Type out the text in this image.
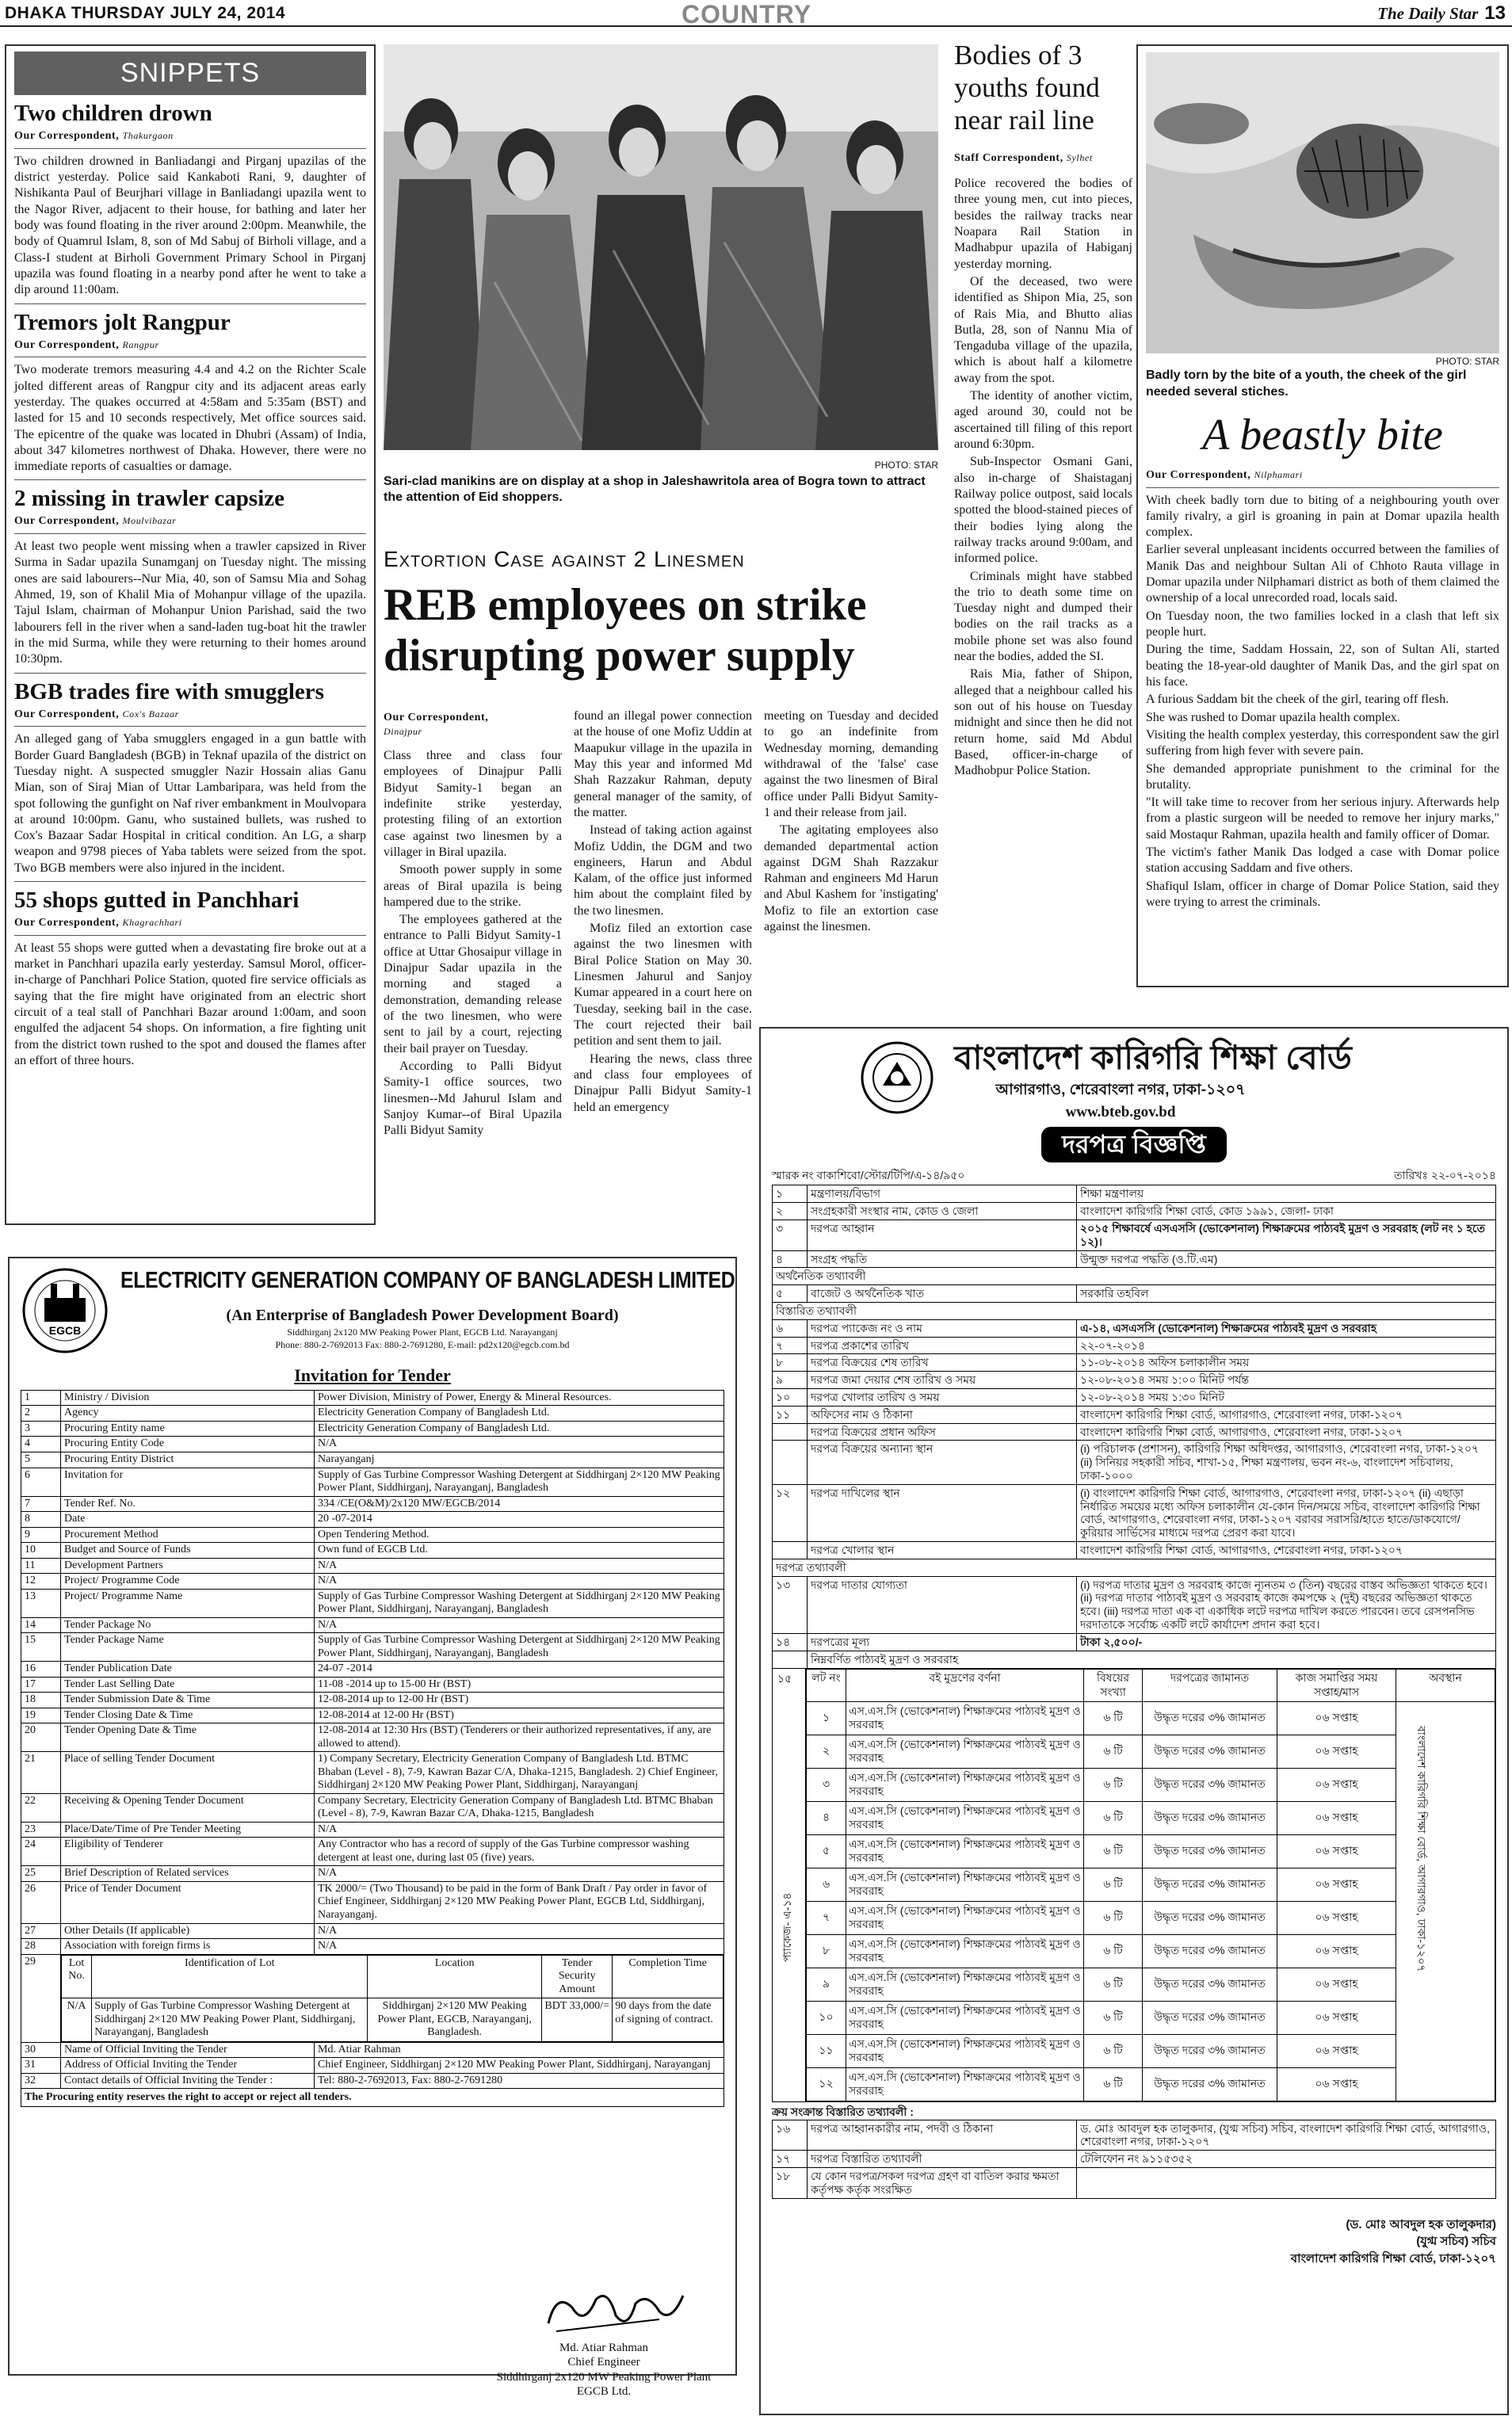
DHAKA THURSDAY JULY 24, 2014	COUNTRY	The Daily Star 13
SNIPPETS
Two children drown
Our Correspondent, Thakurgaon

Two children drowned in Banliadangi and Pirganj upazilas of the district yesterday. Police said Kankaboti Rani, 9, daughter of Nishikanta Paul of Beurjhari village in Banliadangi upazila went to the Nagor River, adjacent to their house, for bathing and later her body was found floating in the river around 2:00pm. Meanwhile, the body of Quamrul Islam, 8, son of Md Sabuj of Birholi village, and a Class-I student at Birholi Government Primary School in Pirganj upazila was found floating in a nearby pond after he went to take a dip around 11:00am.

Tremors jolt Rangpur
Our Correspondent, Rangpur

Two moderate tremors measuring 4.4 and 4.2 on the Richter Scale jolted different areas of Rangpur city and its adjacent areas early yesterday. The quakes occurred at 4:58am and 5:35am (BST) and lasted for 15 and 10 seconds respectively, Met office sources said. The epicentre of the quake was located in Dhubri (Assam) of India, about 347 kilometres northwest of Dhaka. However, there were no immediate reports of casualties or damage.

2 missing in trawler capsize
Our Correspondent, Moulvibazar

At least two people went missing when a trawler capsized in River Surma in Sadar upazila Sunamganj on Tuesday night. The missing ones are said labourers--Nur Mia, 40, son of Samsu Mia and Sohag Ahmed, 19, son of Khalil Mia of Mohanpur village of the upazila. Tajul Islam, chairman of Mohanpur Union Parishad, said the two labourers fell in the river when a sand-laden tug-boat hit the trawler in the mid Surma, while they were returning to their homes around 10:30pm.

BGB trades fire with smugglers
Our Correspondent, Cox's Bazaar

An alleged gang of Yaba smugglers engaged in a gun battle with Border Guard Bangladesh (BGB) in Teknaf upazila of the district on Tuesday night. A suspected smuggler Nazir Hossain alias Ganu Mian, son of Siraj Mian of Uttar Lambaripara, was held from the spot following the gunfight on Naf river embankment in Moulvopara at around 10:00pm. Ganu, who sustained bullets, was rushed to Cox's Bazaar Sadar Hospital in critical condition. An LG, a sharp weapon and 9798 pieces of Yaba tablets were seized from the spot. Two BGB members were also injured in the incident.

55 shops gutted in Panchhari
Our Correspondent, Khagrachhari

At least 55 shops were gutted when a devastating fire broke out at a market in Panchhari upazila early yesterday. Samsul Morol, officer-in-charge of Panchhari Police Station, quoted fire service officials as saying that the fire might have originated from an electric short circuit of a teal stall of Panchhari Bazar around 1:00am, and soon engulfed the adjacent 54 shops. On information, a fire fighting unit from the district town rushed to the spot and doused the flames after an effort of three hours.

PHOTO: STAR
Sari-clad manikins are on display at a shop in Jaleshawritola area of Bogra town to attract the attention of Eid shoppers.
Extortion Case against 2 Linesmen
REB employees on strike disrupting power supply
Our Correspondent,
Dinajpur

Class three and class four employees of Dinajpur Palli Bidyut Samity-1 began an indefinite strike yesterday, protesting filing of an extortion case against two linesmen by a villager in Biral upazila.

Smooth power supply in some areas of Biral upazila is being hampered due to the strike.

The employees gathered at the entrance to Palli Bidyut Samity-1 office at Uttar Ghosaipur village in Dinajpur Sadar upazila in the morning and staged a demonstration, demanding release of the two linesmen, who were sent to jail by a court, rejecting their bail prayer on Tuesday.

According to Palli Bidyut Samity-1 office sources, two linesmen--Md Jahurul Islam and Sanjoy Kumar--of Biral Upazila Palli Bidyut Samity

found an illegal power connection at the house of one Mofiz Uddin at Maapukur village in the upazila in May this year and informed Md Shah Razzakur Rahman, deputy general manager of the samity, of the matter.

Instead of taking action against Mofiz Uddin, the DGM and two engineers, Harun and Abdul Kalam, of the office just informed him about the complaint filed by the two linesmen.

Mofiz filed an extortion case against the two linesmen with Biral Police Station on May 30. Linesmen Jahurul and Sanjoy Kumar appeared in a court here on Tuesday, seeking bail in the case. The court rejected their bail petition and sent them to jail.

Hearing the news, class three and class four employees of Dinajpur Palli Bidyut Samity-1 held an emergency

meeting on Tuesday and decided to go an indefinite from Wednesday morning, demanding withdrawal of the 'false' case against the two linesmen of Biral office under Palli Bidyut Samity-1 and their release from jail.

The agitating employees also demanded departmental action against DGM Shah Razzakur Rahman and engineers Md Harun and Abul Kashem for 'instigating' Mofiz to file an extortion case against the linesmen.

Bodies of 3 youths found near rail line
Staff Correspondent, Sylhet

Police recovered the bodies of three young men, cut into pieces, besides the railway tracks near Noapara Rail Station in Madhabpur upazila of Habiganj yesterday morning.

Of the deceased, two were identified as Shipon Mia, 25, son of Rais Mia, and Bhutto alias Butla, 28, son of Nannu Mia of Tengaduba village of the upazila, which is about half a kilometre away from the spot.

The identity of another victim, aged around 30, could not be ascertained till filing of this report around 6:30pm.

Sub-Inspector Osmani Gani, also in-charge of Shaistaganj Railway police outpost, said locals spotted the blood-stained pieces of their bodies lying along the railway tracks around 9:00am, and informed police.

Criminals might have stabbed the trio to death some time on Tuesday night and dumped their bodies on the rail tracks as a mobile phone set was also found near the bodies, added the SI.

Rais Mia, father of Shipon, alleged that a neighbour called his son out of his house on Tuesday midnight and since then he did not return home, said Md Abdul Based, officer-in-charge of Madhobpur Police Station.

PHOTO: STAR
Badly torn by the bite of a youth, the cheek of the girl needed several stiches.
A beastly bite
Our Correspondent, Nilphamari

With cheek badly torn due to biting of a neighbouring youth over family rivalry, a girl is groaning in pain at Domar upazila health complex.

Earlier several unpleasant incidents occurred between the families of Manik Das and neighbour Sultan Ali of Chhoto Rauta village in Domar upazila under Nilphamari district as both of them claimed the ownership of a local unrecorded road, locals said.

On Tuesday noon, the two families locked in a clash that left six people hurt.

During the time, Saddam Hossain, 22, son of Sultan Ali, started beating the 18-year-old daughter of Manik Das, and the girl spat on his face.

A furious Saddam bit the cheek of the girl, tearing off flesh.

She was rushed to Domar upazila health complex.

Visiting the health complex yesterday, this correspondent saw the girl suffering from high fever with severe pain.

She demanded appropriate punishment to the criminal for the brutality.

"It will take time to recover from her serious injury. Afterwards help from a plastic surgeon will be needed to remove her injury marks," said Mostaqur Rahman, upazila health and family officer of Domar.

The victim's father Manik Das lodged a case with Domar police station accusing Saddam and five others.

Shafiqul Islam, officer in charge of Domar Police Station, said they were trying to arrest the criminals.

EGCB
ELECTRICITY GENERATION COMPANY OF BANGLADESH LIMITED
(An Enterprise of Bangladesh Power Development Board)
Siddhirganj 2x120 MW Peaking Power Plant, EGCB Ltd. Narayanganj
Phone: 880-2-7692013 Fax: 880-2-7691280, E-mail: pd2x120@egcb.com.bd
Invitation for Tender
1	Ministry / Division	Power Division, Ministry of Power, Energy & Mineral Resources.
2	Agency	Electricity Generation Company of Bangladesh Ltd.
3	Procuring Entity name	Electricity Generation Company of Bangladesh Ltd.
4	Procuring Entity Code	N/A
5	Procuring Entity District	Narayanganj
6	Invitation for	Supply of Gas Turbine Compressor Washing Detergent at Siddhirganj 2×120 MW Peaking Power Plant, Siddhirganj, Narayanganj, Bangladesh
7	Tender Ref. No.	334 /CE(O&M)/2x120 MW/EGCB/2014
8	Date	20 -07-2014
9	Procurement Method	Open Tendering Method.
10	Budget and Source of Funds	Own fund of EGCB Ltd.
11	Development Partners	N/A
12	Project/ Programme Code	N/A
13	Project/ Programme Name	Supply of Gas Turbine Compressor Washing Detergent at Siddhirganj 2×120 MW Peaking Power Plant, Siddhirganj, Narayanganj, Bangladesh
14	Tender Package No	N/A
15	Tender Package Name	Supply of Gas Turbine Compressor Washing Detergent at Siddhirganj 2×120 MW Peaking Power Plant, Siddhirganj, Narayanganj, Bangladesh
16	Tender Publication Date	24-07 -2014
17	Tender Last Selling Date	11-08 -2014 up to 15-00 Hr (BST)
18	Tender Submission Date & Time	12-08-2014 up to 12-00 Hr (BST)
19	Tender Closing Date & Time	12-08-2014 at 12-00 Hr (BST)
20	Tender Opening Date & Time	12-08-2014 at 12:30 Hrs (BST) (Tenderers or their authorized representatives, if any, are allowed to attend).
21	Place of selling Tender Document	1) Company Secretary, Electricity Generation Company of Bangladesh Ltd. BTMC Bhaban (Level - 8), 7-9, Kawran Bazar C/A, Dhaka-1215, Bangladesh. 2) Chief Engineer, Siddhirganj 2×120 MW Peaking Power Plant, Siddhirganj, Narayanganj
22	Receiving & Opening Tender Document	Company Secretary, Electricity Generation Company of Bangladesh Ltd. BTMC Bhaban (Level - 8), 7-9, Kawran Bazar C/A, Dhaka-1215, Bangladesh
23	Place/Date/Time of Pre Tender Meeting	N/A
24	Eligibility of Tenderer	Any Contractor who has a record of supply of the Gas Turbine compressor washing detergent at least one, during last 05 (five) years.
25	Brief Description of Related services	N/A
26	Price of Tender Document	TK 2000/= (Two Thousand) to be paid in the form of Bank Draft / Pay order in favor of Chief Engineer, Siddhirganj 2×120 MW Peaking Power Plant, EGCB Ltd, Siddhirganj, Narayanganj.
27	Other Details (If applicable)	N/A
28	Association with foreign firms is	N/A
29		Lot No.	Identification of Lot	Location	Tender Security Amount	Completion Time
N/A	Supply of Gas Turbine Compressor Washing Detergent at Siddhirganj 2×120 MW Peaking Power Plant, Siddhirganj, Narayanganj, Bangladesh	Siddhirganj 2×120 MW Peaking Power Plant, EGCB, Narayanganj, Bangladesh.	BDT 33,000/=	90 days from the date of signing of contract.

30	Name of Official Inviting the Tender	Md. Atiar Rahman
31	Address of Official Inviting the Tender	Chief Engineer, Siddhirganj 2×120 MW Peaking Power Plant, Siddhirganj, Narayanganj
32	Contact details of Official Inviting the Tender :	Tel: 880-2-7692013, Fax: 880-2-7691280
The Procuring entity reserves the right to accept or reject all tenders.
Md. Atiar Rahman
Chief Engineer
Siddhirganj 2x120 MW Peaking Power Plant
EGCB Ltd.
বাংলাদেশ কারিগরি শিক্ষা বোর্ড
আগারগাও, শেরেবাংলা নগর, ঢাকা-১২০৭
www.bteb.gov.bd
দরপত্র বিজ্ঞপ্তি
স্মারক নং বাকাশিবো/স্টোর/টিপি/এ-১৪/৯৫০	তারিখঃ ২২-০৭-২০১৪
১	মন্ত্রণালয়/বিভাগ	শিক্ষা মন্ত্রণালয়
২	সংগ্রহকারী সংস্থার নাম, কোড ও জেলা	বাংলাদেশ কারিগরি শিক্ষা বোর্ড, কোড ১৯৯১, জেলা- ঢাকা
৩	দরপত্র আহ্বান	২০১৫ শিক্ষাবর্ষে এসএসসি (ভোকেশনাল) শিক্ষাক্রমের পাঠ্যবই মুদ্রণ ও সরবরাহ (লট নং ১ হতে ১২)।
৪	সংগ্রহ পদ্ধতি	উন্মুক্ত দরপত্র পদ্ধতি (ও.টি.এম)
অর্থনৈতিক তথ্যাবলী		
৫	বাজেট ও অর্থনৈতিক খাত	সরকারি তহবিল
বিস্তারিত তথ্যাবলী		
৬	দরপত্র প্যাকেজ নং ও নাম	এ-১৪, এসএসসি (ভোকেশনাল) শিক্ষাক্রমের পাঠ্যবই মুদ্রণ ও সরবরাহ
৭	দরপত্র প্রকাশের তারিখ	২২-০৭-২০১৪
৮	দরপত্র বিক্রয়ের শেষ তারিখ	১১-০৮-২০১৪ অফিস চলাকালীন সময়
৯	দরপত্র জমা দেয়ার শেষ তারিখ ও সময়	১২-০৮-২০১৪ সময় ১:০০ মিনিট পর্যন্ত
১০	দরপত্র খোলার তারিখ ও সময়	১২-০৮-২০১৪ সময় ১:৩০ মিনিট
১১	অফিসের নাম ও ঠিকানা	বাংলাদেশ কারিগরি শিক্ষা বোর্ড, আগারগাও, শেরেবাংলা নগর, ঢাকা-১২০৭
	দরপত্র বিক্রয়ের প্রধান অফিস	বাংলাদেশ কারিগরি শিক্ষা বোর্ড, আগারগাও, শেরেবাংলা নগর, ঢাকা-১২০৭
	দরপত্র বিক্রয়ের অন্যান্য স্থান	(i) পরিচালক (প্রশাসন), কারিগরি শিক্ষা অধিদপ্তর, আগারগাও, শেরেবাংলা নগর, ঢাকা-১২০৭ (ii) সিনিয়র সহকারী সচিব, শাখা-১৫, শিক্ষা মন্ত্রণালয়, ভবন নং-৬, বাংলাদেশ সচিবালয়, ঢাকা-১০০০
১২	দরপত্র দাখিলের স্থান	(i) বাংলাদেশ কারিগরি শিক্ষা বোর্ড, আগারগাও, শেরেবাংলা নগর, ঢাকা-১২০৭ (ii) এছাড়া নির্ধারিত সময়ের মধ্যে অফিস চলাকালীন যে-কোন দিন/সময়ে সচিব, বাংলাদেশ কারিগরি শিক্ষা বোর্ড, আগারগাও, শেরেবাংলা নগর, ঢাকা-১২০৭ বরাবর সরাসরি/হাতে হাতে/ডাকযোগে/কুরিয়ার সার্ভিসের মাধ্যমে দরপত্র প্রেরণ করা যাবে।
	দরপত্র খোলার স্থান	বাংলাদেশ কারিগরি শিক্ষা বোর্ড, আগারগাও, শেরেবাংলা নগর, ঢাকা-১২০৭
দরপত্র তথ্যাবলী		
১৩	দরপত্র দাতার যোগ্যতা	(i) দরপত্র দাতার মুদ্রণ ও সরবরাহ কাজে ন্যূনতম ৩ (তিন) বছরের বাস্তব অভিজ্ঞতা থাকতে হবে। (ii) দরপত্র দাতার পাঠ্যবই মুদ্রণ ও সরবরাহ কাজে কমপক্ষে ২ (দুই) বছরের অভিজ্ঞতা থাকতে হবে। (iii) দরপত্র দাতা এক বা একাধিক লটে দরপত্র দাখিল করতে পারবেন। তবে রেসপনসিভ দরদাতাকে সর্বোচ্চ একটি লটে কার্যাদেশ প্রদান করা হবে।
১৪	দরপত্রের মূল্য	টাকা ২,৫০০/-
নিম্নবর্ণিত পাঠ্যবই মুদ্রণ ও সরবরাহ
১৫
প্যাকেজ- এ-১৪
লট নং	বই মুদ্রণের বর্ণনা	বিষয়ের সংখ্যা	দরপত্রের জামানত	কাজ সমাপ্তির সময় সপ্তাহ/মাস	অবস্থান
১	এস.এস.সি (ভোকেশনাল) শিক্ষাক্রমের পাঠ্যবই মুদ্রণ ও সরবরাহ	৬ টি	উদ্ধৃত দরের ৩% জামানত	০৬ সপ্তাহ	বাংলাদেশ কারিগরি শিক্ষা বোর্ড, আগারগাও, ঢাকা-১২০৭

২	এস.এস.সি (ভোকেশনাল) শিক্ষাক্রমের পাঠ্যবই মুদ্রণ ও সরবরাহ	৬ টি	উদ্ধৃত দরের ৩% জামানত	০৬ সপ্তাহ	
৩	এস.এস.সি (ভোকেশনাল) শিক্ষাক্রমের পাঠ্যবই মুদ্রণ ও সরবরাহ	৬ টি	উদ্ধৃত দরের ৩% জামানত	০৬ সপ্তাহ	
৪	এস.এস.সি (ভোকেশনাল) শিক্ষাক্রমের পাঠ্যবই মুদ্রণ ও সরবরাহ	৬ টি	উদ্ধৃত দরের ৩% জামানত	০৬ সপ্তাহ	
৫	এস.এস.সি (ভোকেশনাল) শিক্ষাক্রমের পাঠ্যবই মুদ্রণ ও সরবরাহ	৬ টি	উদ্ধৃত দরের ৩% জামানত	০৬ সপ্তাহ	
৬	এস.এস.সি (ভোকেশনাল) শিক্ষাক্রমের পাঠ্যবই মুদ্রণ ও সরবরাহ	৬ টি	উদ্ধৃত দরের ৩% জামানত	০৬ সপ্তাহ	
৭	এস.এস.সি (ভোকেশনাল) শিক্ষাক্রমের পাঠ্যবই মুদ্রণ ও সরবরাহ	৬ টি	উদ্ধৃত দরের ৩% জামানত	০৬ সপ্তাহ	
৮	এস.এস.সি (ভোকেশনাল) শিক্ষাক্রমের পাঠ্যবই মুদ্রণ ও সরবরাহ	৬ টি	উদ্ধৃত দরের ৩% জামানত	০৬ সপ্তাহ	
৯	এস.এস.সি (ভোকেশনাল) শিক্ষাক্রমের পাঠ্যবই মুদ্রণ ও সরবরাহ	৬ টি	উদ্ধৃত দরের ৩% জামানত	০৬ সপ্তাহ	
১০	এস.এস.সি (ভোকেশনাল) শিক্ষাক্রমের পাঠ্যবই মুদ্রণ ও সরবরাহ	৬ টি	উদ্ধৃত দরের ৩% জামানত	০৬ সপ্তাহ	
১১	এস.এস.সি (ভোকেশনাল) শিক্ষাক্রমের পাঠ্যবই মুদ্রণ ও সরবরাহ	৬ টি	উদ্ধৃত দরের ৩% জামানত	০৬ সপ্তাহ	
১২	এস.এস.সি (ভোকেশনাল) শিক্ষাক্রমের পাঠ্যবই মুদ্রণ ও সরবরাহ	৬ টি	উদ্ধৃত দরের ৩% জামানত	০৬ সপ্তাহ	
ক্রয় সংক্রান্ত বিস্তারিত তথ্যাবলী :
১৬	দরপত্র আহ্বানকারীর নাম, পদবী ও ঠিকানা	ড. মোঃ আবদুল হক তালুকদার, (যুগ্ম সচিব) সচিব, বাংলাদেশ কারিগরি শিক্ষা বোর্ড, আগারগাও, শেরেবাংলা নগর, ঢাকা-১২০৭
১৭	দরপত্র বিস্তারিত তথ্যাবলী	টেলিফোন নং ৯১১৫৩৫২
১৮	যে কোন দরপত্র/সকল দরপত্র গ্রহণ বা বাতিল করার ক্ষমতা কর্তৃপক্ষ কর্তৃক সংরক্ষিত	
(ড. মোঃ আবদুল হক তালুকদার)
(যুগ্ম সচিব) সচিব
বাংলাদেশ কারিগরি শিক্ষা বোর্ড, ঢাকা-১২০৭
